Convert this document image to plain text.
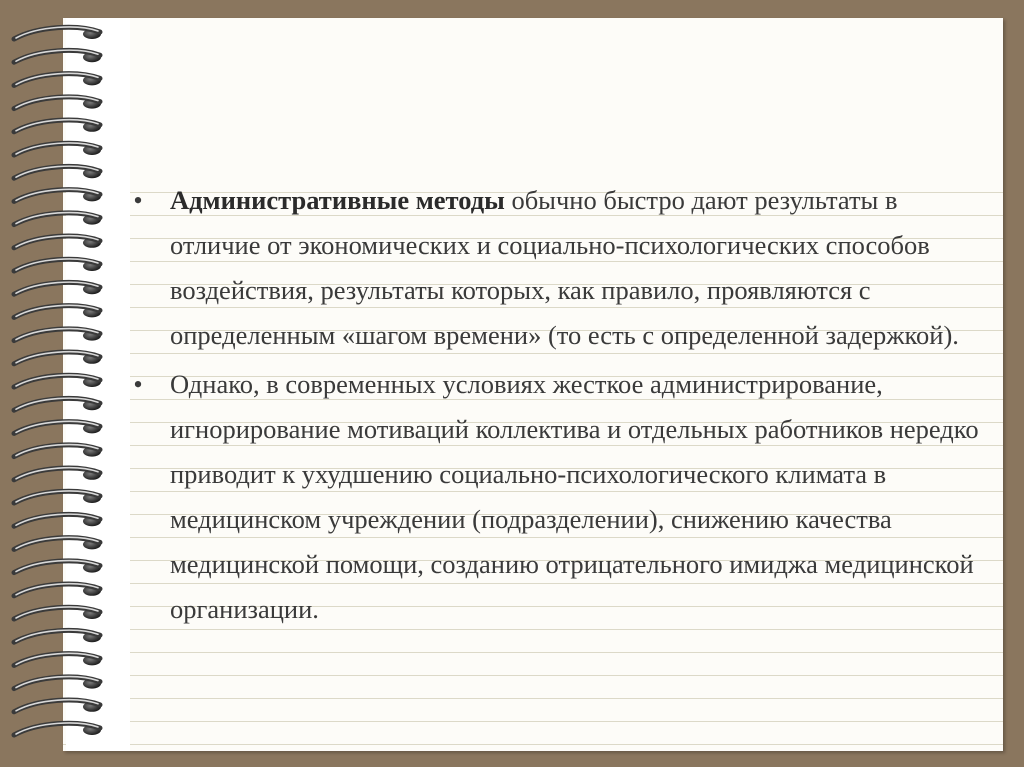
• Административные методы обычно быстро дают результаты в отличие от экономических и социально-психологических способов воздействия, результаты которых, как правило, проявляются с определенным «шагом времени» (то есть с определенной задержкой).
• Однако, в современных условиях жесткое администрирование, игнорирование мотиваций коллектива и отдельных работников нередко приводит к ухудшению социально-психологического климата в медицинском учреждении (подразделении), снижению качества медицинской помощи, созданию отрицательного имиджа медицинской организации.
